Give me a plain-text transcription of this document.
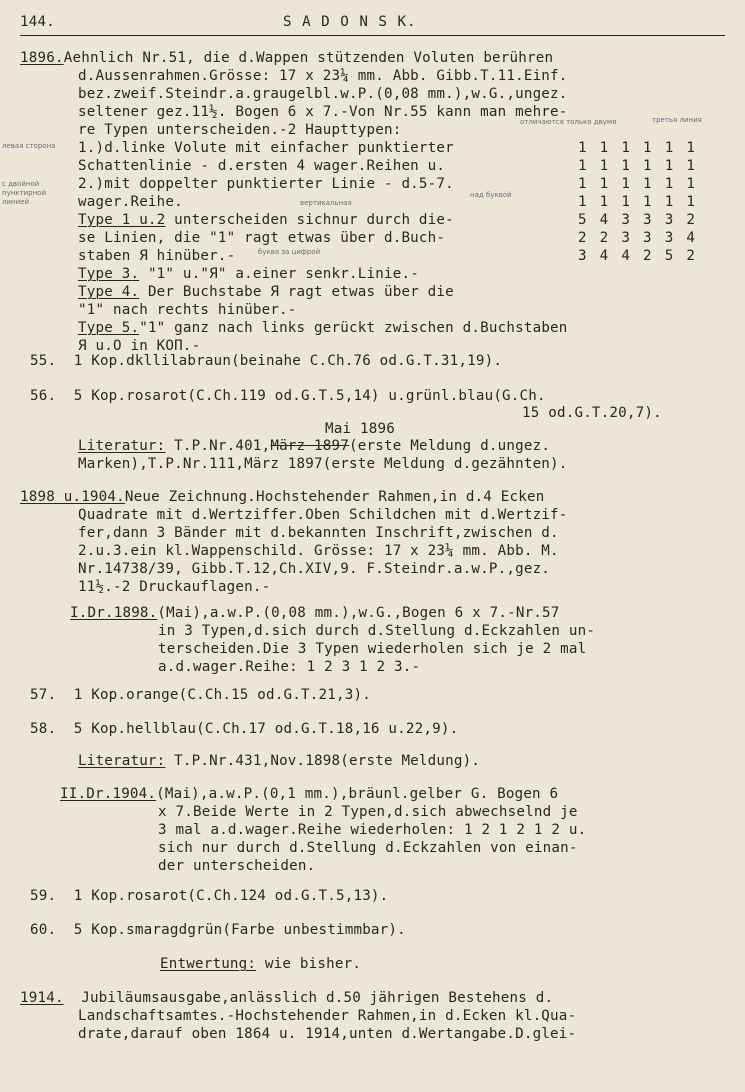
144.	S A D O N S K.
1896.Aehnlich Nr.51, die d.Wappen stützenden Voluten berühren
d.Aussenrahmen.Grösse: 17 x 23¼ mm. Abb. Gibb.T.11.Einf.
bez.zweif.Steindr.a.graugelbl.w.P.(0,08 mm.),w.G.,ungez.
seltener gez.11½. Bogen 6 x 7.-Von Nr.55 kann man mehre-
re Typen unterscheiden.-2 Haupttypen:
1.)d.linke Volute mit einfacher punktierter
Schattenlinie - d.ersten 4 wager.Reihen u.
2.)mit doppelter punktierter Linie - d.5-7.
wager.Reihe.
Type 1 u.2 unterscheiden sichnur durch die-
se Linien, die "1" ragt etwas über d.Buch-
staben Я hinüber.-
Type 3. "1" u."Я" a.einer senkr.Linie.-
Type 4. Der Buchstabe Я ragt etwas über die
"1" nach rechts hinüber.-
Type 5."1" ganz nach links gerückt zwischen d.Buchstaben
Я u.O in КОП.-
1 1 1 1 1 1
1 1 1 1 1 1
1 1 1 1 1 1
1 1 1 1 1 1
5 4 3 3 3 2
2 2 3 3 3 4
3 4 4 2 5 2
левая сторона
с двойной
пунктирной
линией
отличаются только двумя	третья линия
вертикальная
над буквой
буква за цифрой
55. 1 Kop.dkllilabraun(beinahe C.Ch.76 od.G.T.31,19).
56. 5 Kop.rosarot(C.Ch.119 od.G.T.5,14) u.grünl.blau(G.Ch.
15 od.G.T.20,7).
Mai 1896
Literatur: T.P.Nr.401,März 1897(erste Meldung d.ungez.
Marken),T.P.Nr.111,März 1897(erste Meldung d.gezähnten).
1898 u.1904.Neue Zeichnung.Hochstehender Rahmen,in d.4 Ecken
Quadrate mit d.Wertziffer.Oben Schildchen mit d.Wertzif-
fer,dann 3 Bänder mit d.bekannten Inschrift,zwischen d.
2.u.3.ein kl.Wappenschild. Grösse: 17 x 23¼ mm. Abb. M.
Nr.14738/39, Gibb.T.12,Ch.XIV,9. F.Steindr.a.w.P.,gez.
11½.-2 Druckauflagen.-
I.Dr.1898.(Mai),a.w.P.(0,08 mm.),w.G.,Bogen 6 x 7.-Nr.57
in 3 Typen,d.sich durch d.Stellung d.Eckzahlen un-
terscheiden.Die 3 Typen wiederholen sich je 2 mal
a.d.wager.Reihe: 1 2 3 1 2 3.-
57. 1 Kop.orange(C.Ch.15 od.G.T.21,3).
58. 5 Kop.hellblau(C.Ch.17 od.G.T.18,16 u.22,9).
Literatur: T.P.Nr.431,Nov.1898(erste Meldung).
II.Dr.1904.(Mai),a.w.P.(0,1 mm.),bräunl.gelber G. Bogen 6
x 7.Beide Werte in 2 Typen,d.sich abwechselnd je
3 mal a.d.wager.Reihe wiederholen: 1 2 1 2 1 2 u.
sich nur durch d.Stellung d.Eckzahlen von einan-
der unterscheiden.
59. 1 Kop.rosarot(C.Ch.124 od.G.T.5,13).
60. 5 Kop.smaragdgrün(Farbe unbestimmbar).
Entwertung: wie bisher.
1914. Jubiläumsausgabe,anlässlich d.50 jährigen Bestehens d.
Landschaftsamtes.-Hochstehender Rahmen,in d.Ecken kl.Qua-
drate,darauf oben 1864 u. 1914,unten d.Wertangabe.D.glei-
